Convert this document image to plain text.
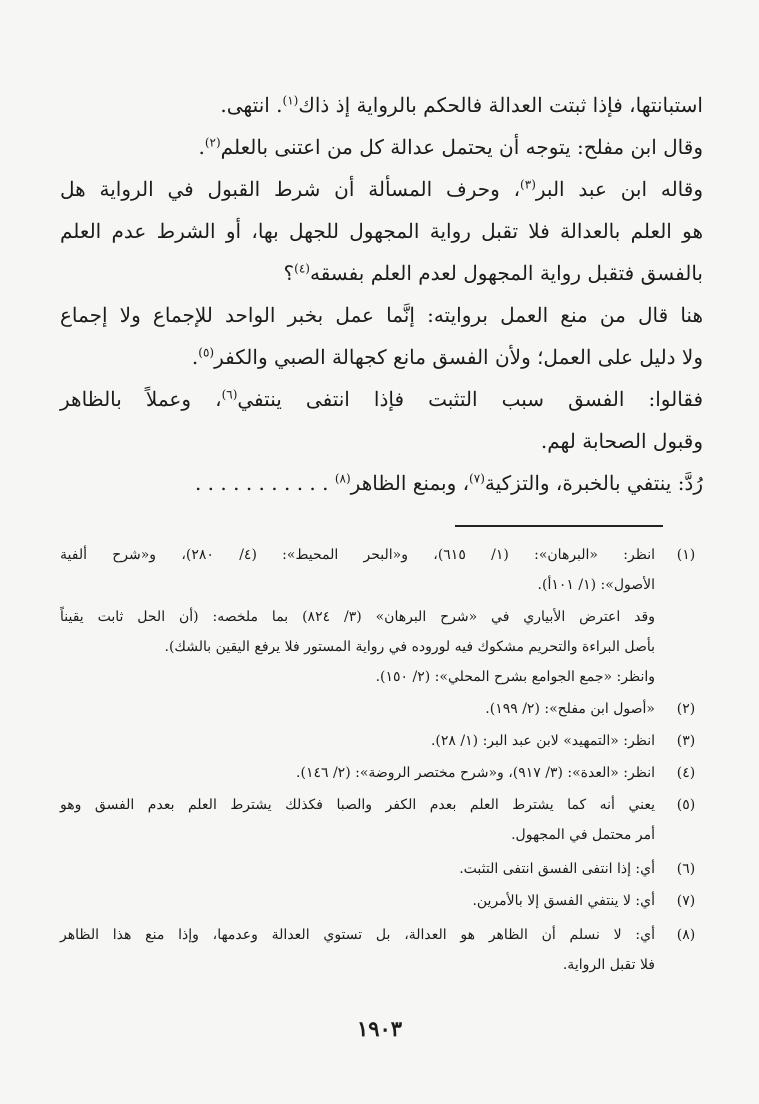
استبانتها، فإذا ثبتت العدالة فالحكم بالرواية إذ ذاك$^{(١)}$. انتهى.
وقال ابن مفلح: يتوجه أن يحتمل عدالة كل من اعتنى بالعلم$^{(٢)}$.
وقاله ابن عبد البر$^{(٣)}$، وحرف المسألة أن شرط القبول في الرواية هل
هو العلم بالعدالة فلا تقبل رواية المجهول للجهل بها، أو الشرط عدم العلم
بالفسق فتقبل رواية المجهول لعدم العلم بفسقه$^{(٤)}$؟
هنا قال من منع العمل بروايته: إنَّما عمل بخبر الواحد للإجماع ولا إجماع
ولا دليل على العمل؛ ولأن الفسق مانع كجهالة الصبي والكفر$^{(٥)}$.
فقالوا: الفسق سبب التثبت فإذا انتفى ينتفي$^{(٦)}$، وعملاً بالظاهر
وقبول الصحابة لهم.
رُدَّ: ينتفي بالخبرة، والتزكية$^{(٧)}$، وبمنع الظاهر$^{(٨)}$ . . . . . . . . . . .
(١)
انظر: «البرهان»: (١/ ٦١٥)، و«البحر المحيط»: (٤/ ٢٨٠)، و«شرح ألفية
الأصول»: (١/ ١٠١أ).
وقد اعترض الأبياري في «شرح البرهان» (٣/ ٨٢٤) بما ملخصه: (أن الحل ثابت يقيناً
بأصل البراءة والتحريم مشكوك فيه لوروده في رواية المستور فلا يرفع اليقين بالشك).
وانظر: «جمع الجوامع بشرح المحلي»: (٢/ ١٥٠).
(٢)
«أصول ابن مفلح»: (٢/ ١٩٩).
(٣)
انظر: «التمهيد» لابن عبد البر: (١/ ٢٨).
(٤)
انظر: «العدة»: (٣/ ٩١٧)، و«شرح مختصر الروضة»: (٢/ ١٤٦).
(٥)
يعني أنه كما يشترط العلم بعدم الكفر والصبا فكذلك يشترط العلم بعدم الفسق وهو
أمر محتمل في المجهول.
(٦)
أي: إذا انتفى الفسق انتفى التثبت.
(٧)
أي: لا ينتفي الفسق إلا بالأمرين.
(٨)
أي: لا نسلم أن الظاهر هو العدالة، بل تستوي العدالة وعدمها، وإذا منع هذا الظاهر
فلا تقبل الرواية.
١٩٠٣
